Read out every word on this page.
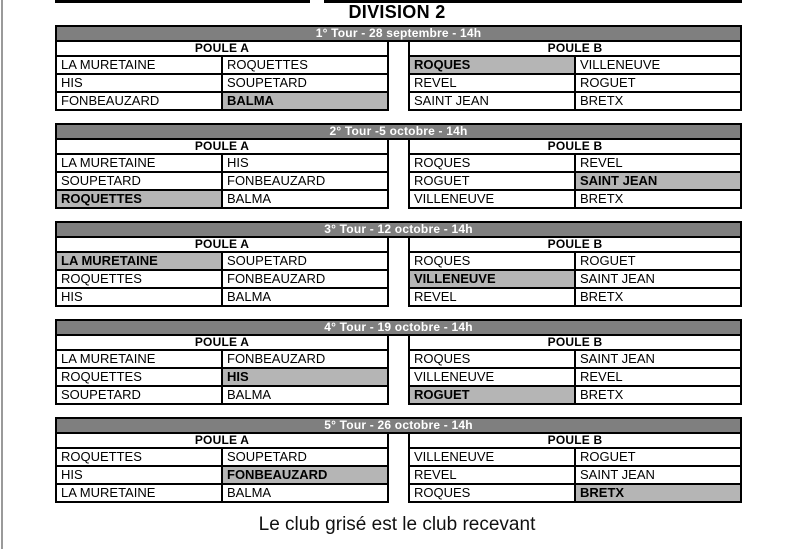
DIVISION 2
1° Tour - 28 septembre - 14h
POULE A	
LA MURETAINE	ROQUETTES
HIS	SOUPETARD
FONBEAUZARD	BALMA
POULE B	
ROQUES	VILLENEUVE
REVEL	ROGUET
SAINT JEAN	BRETX
2° Tour -5 octobre - 14h
POULE A	
LA MURETAINE	HIS
SOUPETARD	FONBEAUZARD
ROQUETTES	BALMA
POULE B	
ROQUES	REVEL
ROGUET	SAINT JEAN
VILLENEUVE	BRETX
3° Tour - 12 octobre - 14h
POULE A	
LA MURETAINE	SOUPETARD
ROQUETTES	FONBEAUZARD
HIS	BALMA
POULE B	
ROQUES	ROGUET
VILLENEUVE	SAINT JEAN
REVEL	BRETX
4° Tour - 19 octobre - 14h
POULE A	
LA MURETAINE	FONBEAUZARD
ROQUETTES	HIS
SOUPETARD	BALMA
POULE B	
ROQUES	SAINT JEAN
VILLENEUVE	REVEL
ROGUET	BRETX
5° Tour - 26 octobre - 14h
POULE A	
ROQUETTES	SOUPETARD
HIS	FONBEAUZARD
LA MURETAINE	BALMA
POULE B	
VILLENEUVE	ROGUET
REVEL	SAINT JEAN
ROQUES	BRETX
Le club grisé est le club recevant
